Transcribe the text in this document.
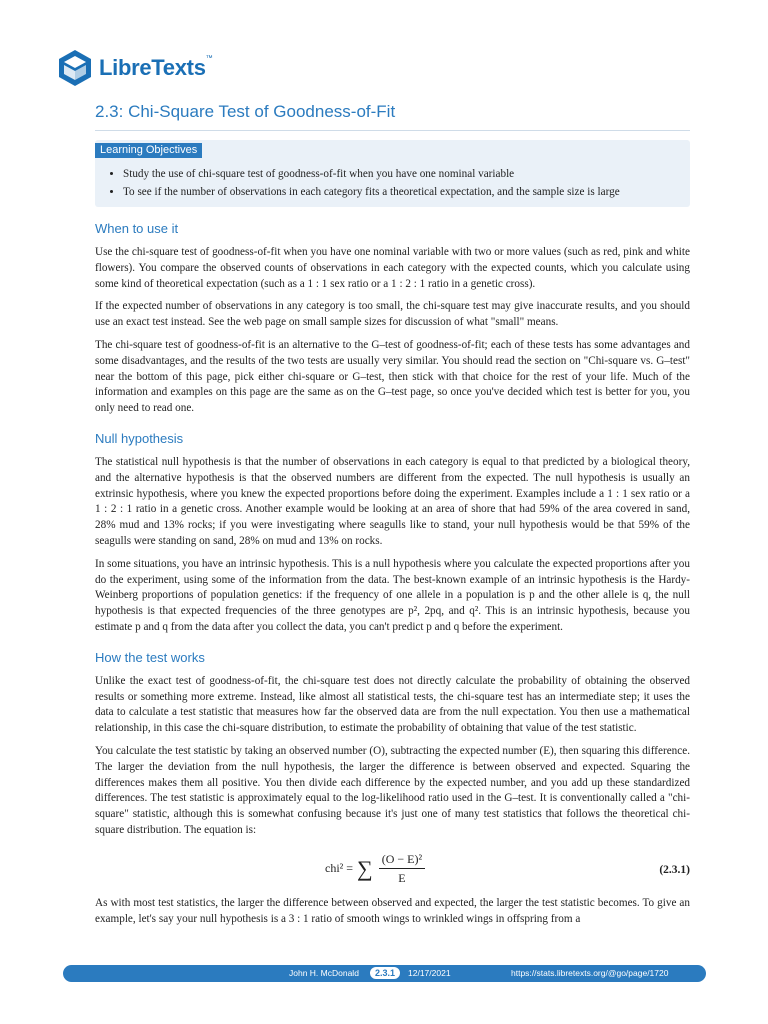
LibreTexts™
2.3: Chi-Square Test of Goodness-of-Fit
Learning Objectives
• Study the use of chi-square test of goodness-of-fit when you have one nominal variable
• To see if the number of observations in each category fits a theoretical expectation, and the sample size is large
When to use it

Use the chi-square test of goodness-of-fit when you have one nominal variable with two or more values (such as red, pink and white flowers). You compare the observed counts of observations in each category with the expected counts, which you calculate using some kind of theoretical expectation (such as a 1 : 1 sex ratio or a 1 : 2 : 1 ratio in a genetic cross).

If the expected number of observations in any category is too small, the chi-square test may give inaccurate results, and you should use an exact test instead. See the web page on small sample sizes for discussion of what "small" means.

The chi-square test of goodness-of-fit is an alternative to the G–test of goodness-of-fit; each of these tests has some advantages and some disadvantages, and the results of the two tests are usually very similar. You should read the section on "Chi-square vs. G–test" near the bottom of this page, pick either chi-square or G–test, then stick with that choice for the rest of your life. Much of the information and examples on this page are the same as on the G–test page, so once you've decided which test is better for you, you only need to read one.

Null hypothesis

The statistical null hypothesis is that the number of observations in each category is equal to that predicted by a biological theory, and the alternative hypothesis is that the observed numbers are different from the expected. The null hypothesis is usually an extrinsic hypothesis, where you knew the expected proportions before doing the experiment. Examples include a 1 : 1 sex ratio or a 1 : 2 : 1 ratio in a genetic cross. Another example would be looking at an area of shore that had 59% of the area covered in sand, 28% mud and 13% rocks; if you were investigating where seagulls like to stand, your null hypothesis would be that 59% of the seagulls were standing on sand, 28% on mud and 13% on rocks.

In some situations, you have an intrinsic hypothesis. This is a null hypothesis where you calculate the expected proportions after you do the experiment, using some of the information from the data. The best-known example of an intrinsic hypothesis is the Hardy-Weinberg proportions of population genetics: if the frequency of one allele in a population is p and the other allele is q, the null hypothesis is that expected frequencies of the three genotypes are p², 2pq, and q². This is an intrinsic hypothesis, because you estimate p and q from the data after you collect the data, you can't predict p and q before the experiment.

How the test works

Unlike the exact test of goodness-of-fit, the chi-square test does not directly calculate the probability of obtaining the observed results or something more extreme. Instead, like almost all statistical tests, the chi-square test has an intermediate step; it uses the data to calculate a test statistic that measures how far the observed data are from the null expectation. You then use a mathematical relationship, in this case the chi-square distribution, to estimate the probability of obtaining that value of the test statistic.

You calculate the test statistic by taking an observed number (O), subtracting the expected number (E), then squaring this difference. The larger the deviation from the null hypothesis, the larger the difference is between observed and expected. Squaring the differences makes them all positive. You then divide each difference by the expected number, and you add up these standardized differences. The test statistic is approximately equal to the log-likelihood ratio used in the G–test. It is conventionally called a "chi-square" statistic, although this is somewhat confusing because it's just one of many test statistics that follows the theoretical chi-square distribution. The equation is:

chi² = ∑ $\frac{\text{(O − E)²}}{E}$	(2.3.1)

As with most test statistics, the larger the difference between observed and expected, the larger the test statistic becomes. To give an example, let's say your null hypothesis is a 3 : 1 ratio of smooth wings to wrinkled wings in offspring from a

John H. McDonald	2.3.1	12/17/2021	https://stats.libretexts.org/@go/page/1720
